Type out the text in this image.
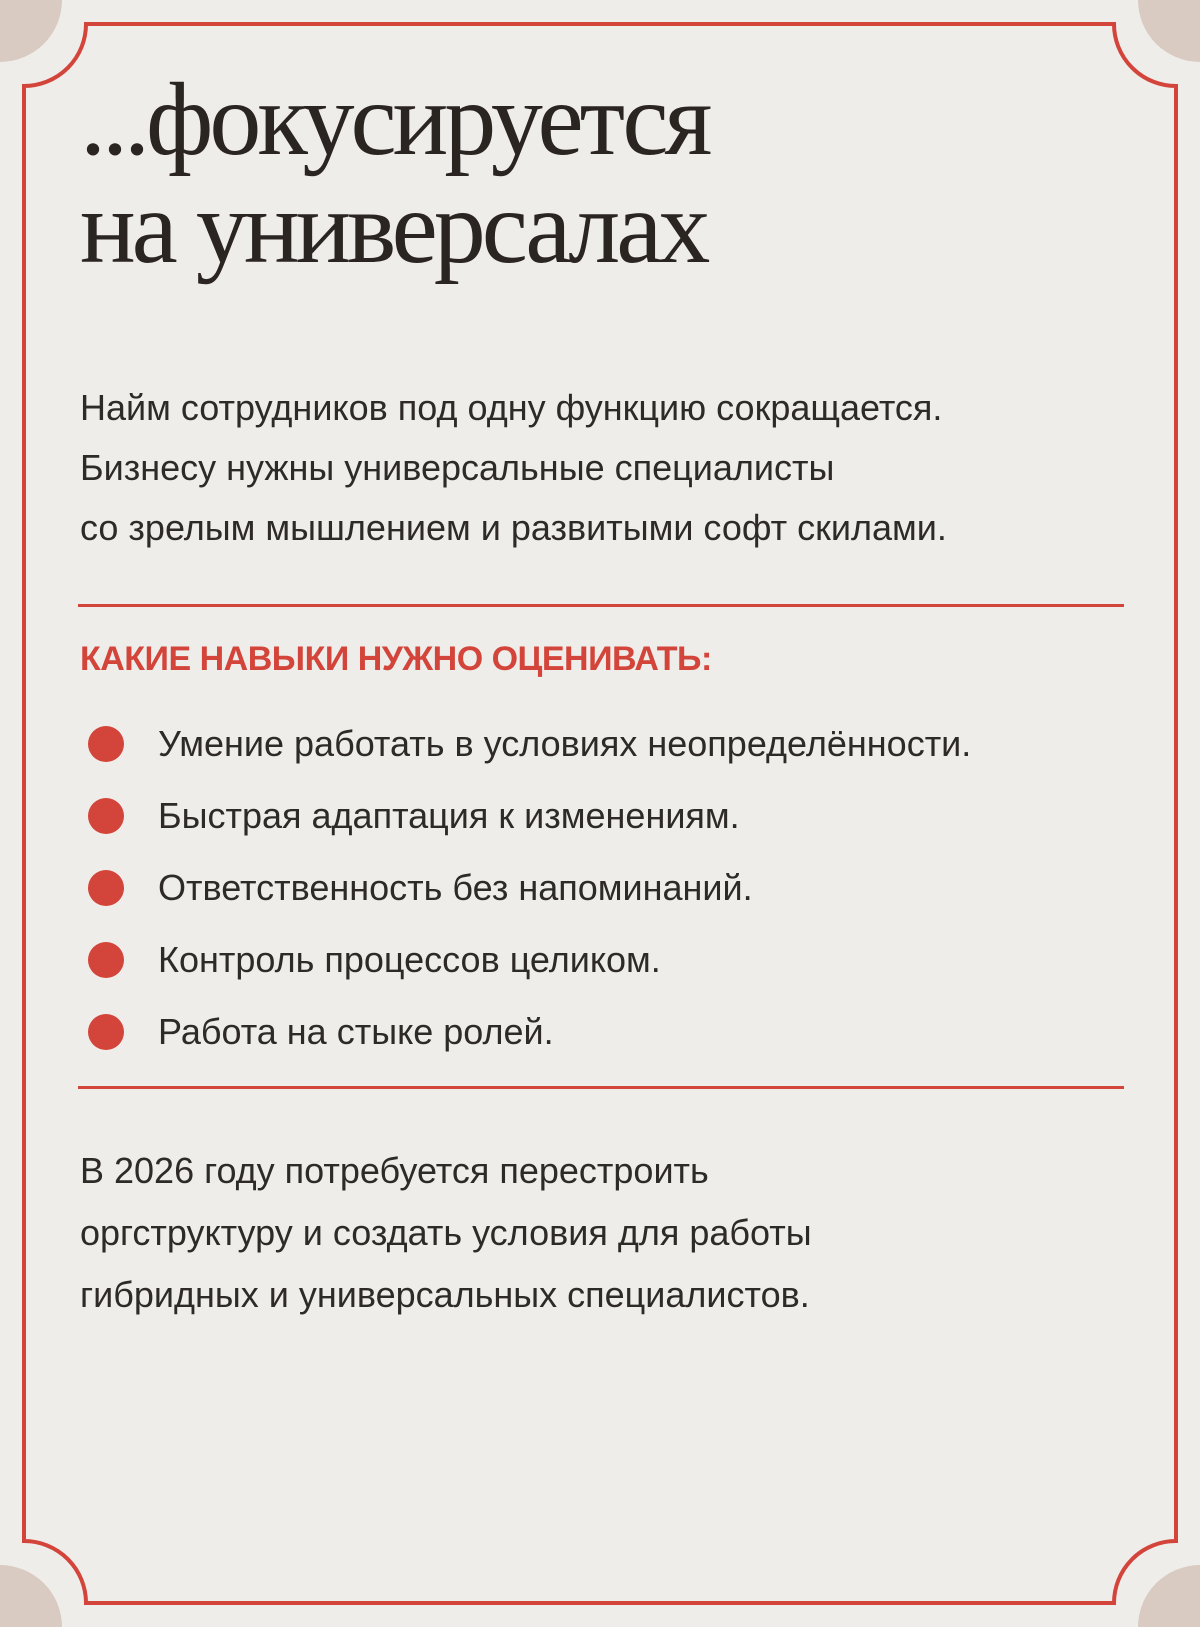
...фокусируется
на универсалах

Найм сотрудников под одну функцию сокращается.
Бизнесу нужны универсальные специалисты
со зрелым мышлением и развитыми софт скилами.

КАКИЕ НАВЫКИ НУЖНО ОЦЕНИВАТЬ:
Умение работать в условиях неопределённости.
Быстрая адаптация к изменениям.
Ответственность без напоминаний.
Контроль процессов целиком.
Работа на стыке ролей.

В 2026 году потребуется перестроить
оргструктуру и создать условия для работы
гибридных и универсальных специалистов.
